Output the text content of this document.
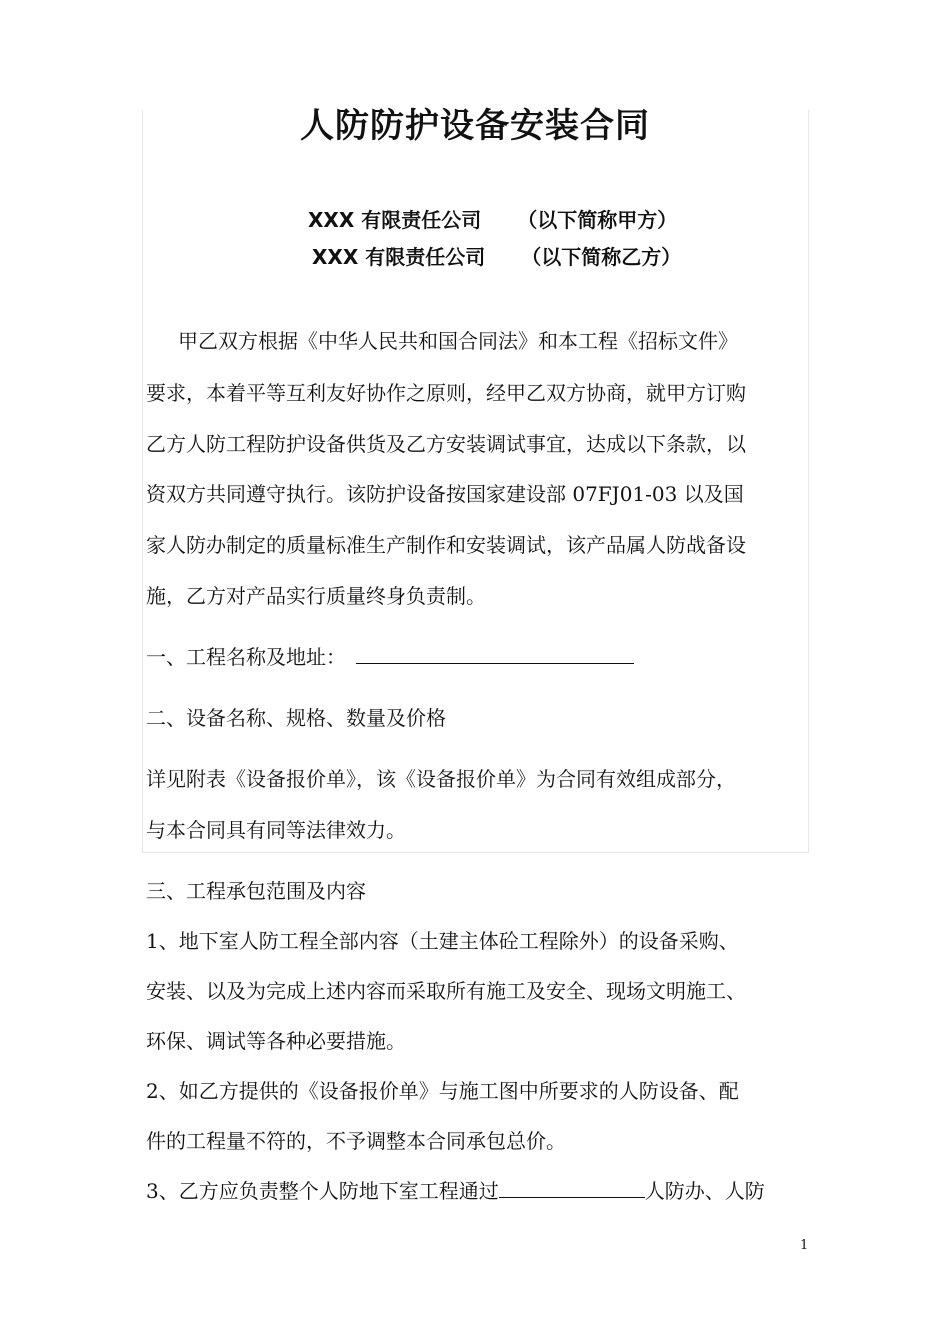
人防防护设备安装合同
XXX 有限责任公司 （以下简称甲方）
XXX 有限责任公司 （以下简称乙方）
甲乙双方根据《中华人民共和国合同法》和本工程《招标文件》
要求，本着平等互利友好协作之原则，经甲乙双方协商，就甲方订购
乙方人防工程防护设备供货及乙方安装调试事宜，达成以下条款，以
资双方共同遵守执行。该防护设备按国家建设部 07FJ01-03 以及国
家人防办制定的质量标准生产制作和安装调试，该产品属人防战备设
施，乙方对产品实行质量终身负责制。
一、工程名称及地址：
二、设备名称、规格、数量及价格
详见附表《设备报价单》，该《设备报价单》为合同有效组成部分，
与本合同具有同等法律效力。
三、工程承包范围及内容
1、地下室人防工程全部内容（土建主体砼工程除外）的设备采购、
安装、以及为完成上述内容而采取所有施工及安全、现场文明施工、
环保、调试等各种必要措施。
2、如乙方提供的《设备报价单》与施工图中所要求的人防设备、配
件的工程量不符的，不予调整本合同承包总价。
3、乙方应负责整个人防地下室工程通过	人防办、人防
1
